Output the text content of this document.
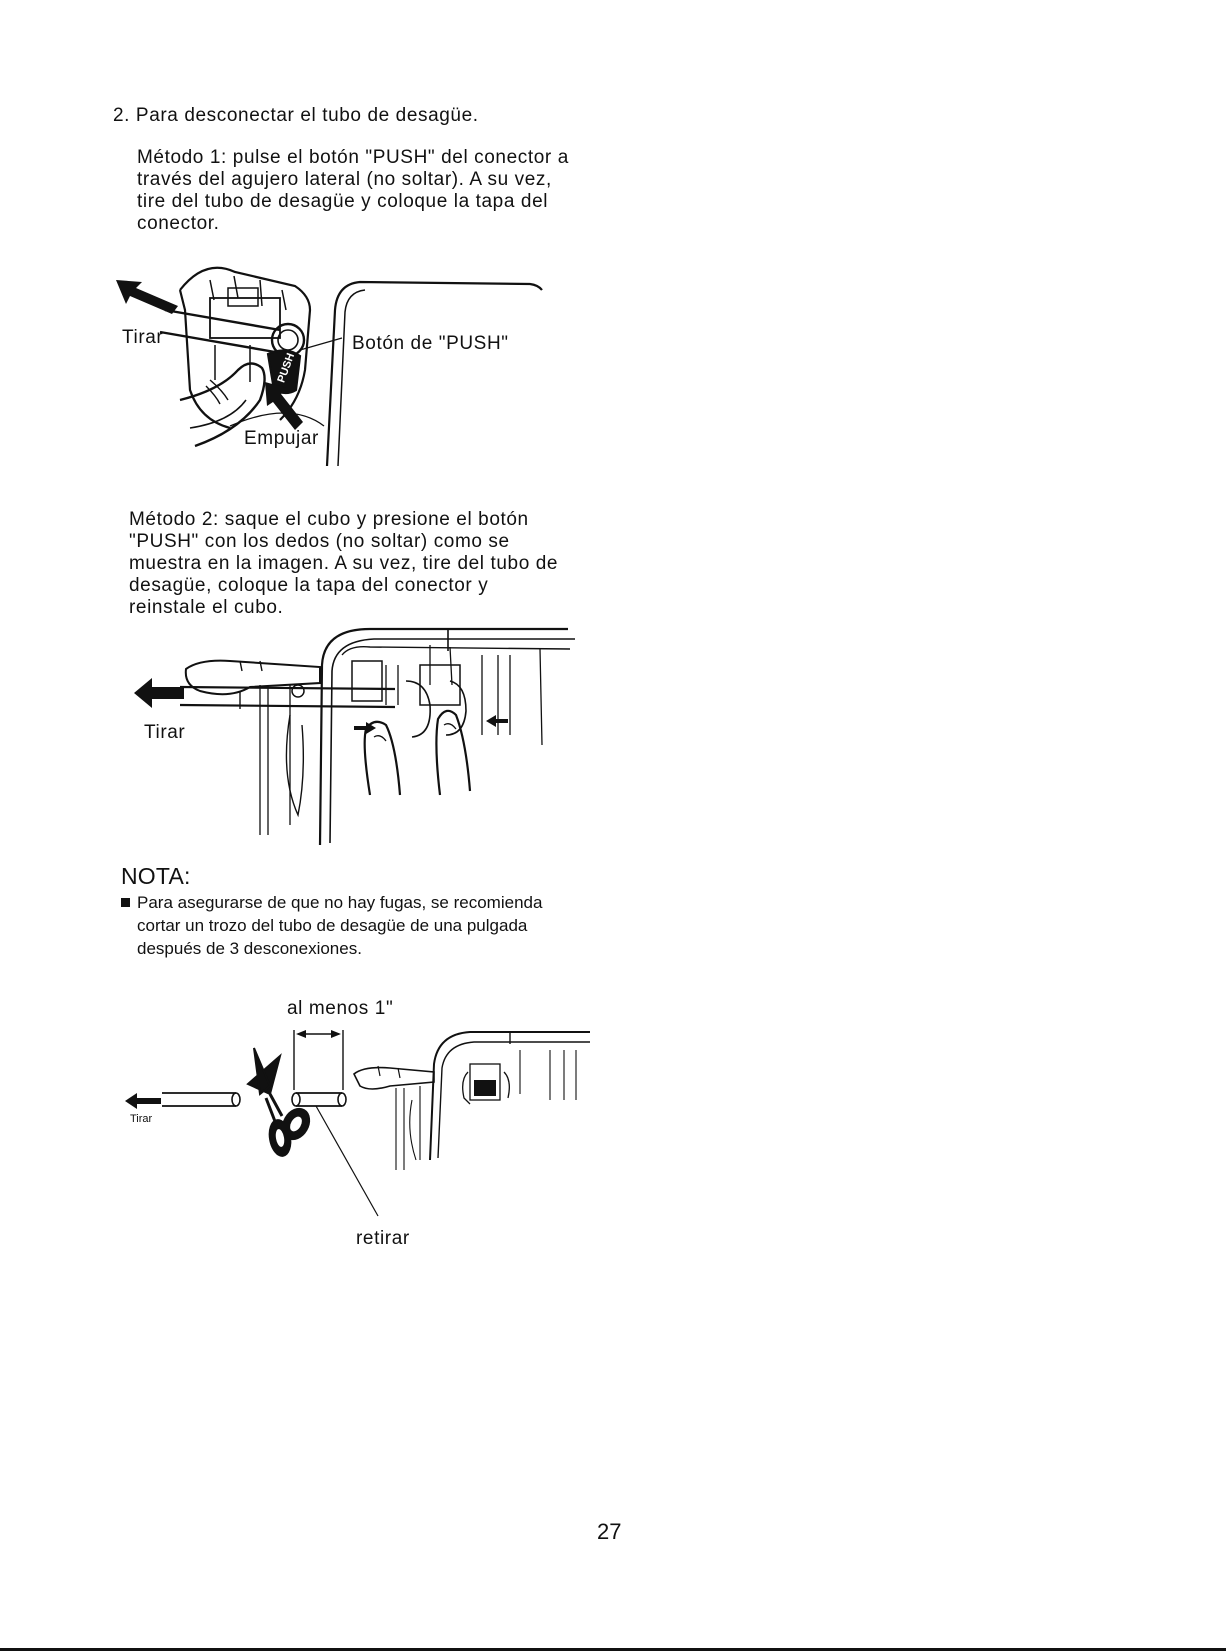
2. Para desconectar el tubo de desagüe.
Método 1: pulse el botón "PUSH" del conector a
través del agujero lateral (no soltar). A su vez,
tire del tubo de desagüe y coloque la tapa del
conector.
Tirar	Botón de "PUSH"
Empujar
PUSH
Método 2: saque el cubo y presione el botón
"PUSH" con los dedos (no soltar) como se
muestra en la imagen. A su vez, tire del tubo de
desagüe, coloque la tapa del conector y
reinstale el cubo.
Tirar
NOTA:
Para asegurarse de que no hay fugas, se recomienda
cortar un trozo del tubo de desagüe de una pulgada
después de 3 desconexiones.
al menos 1"
Tirar
retirar
27
